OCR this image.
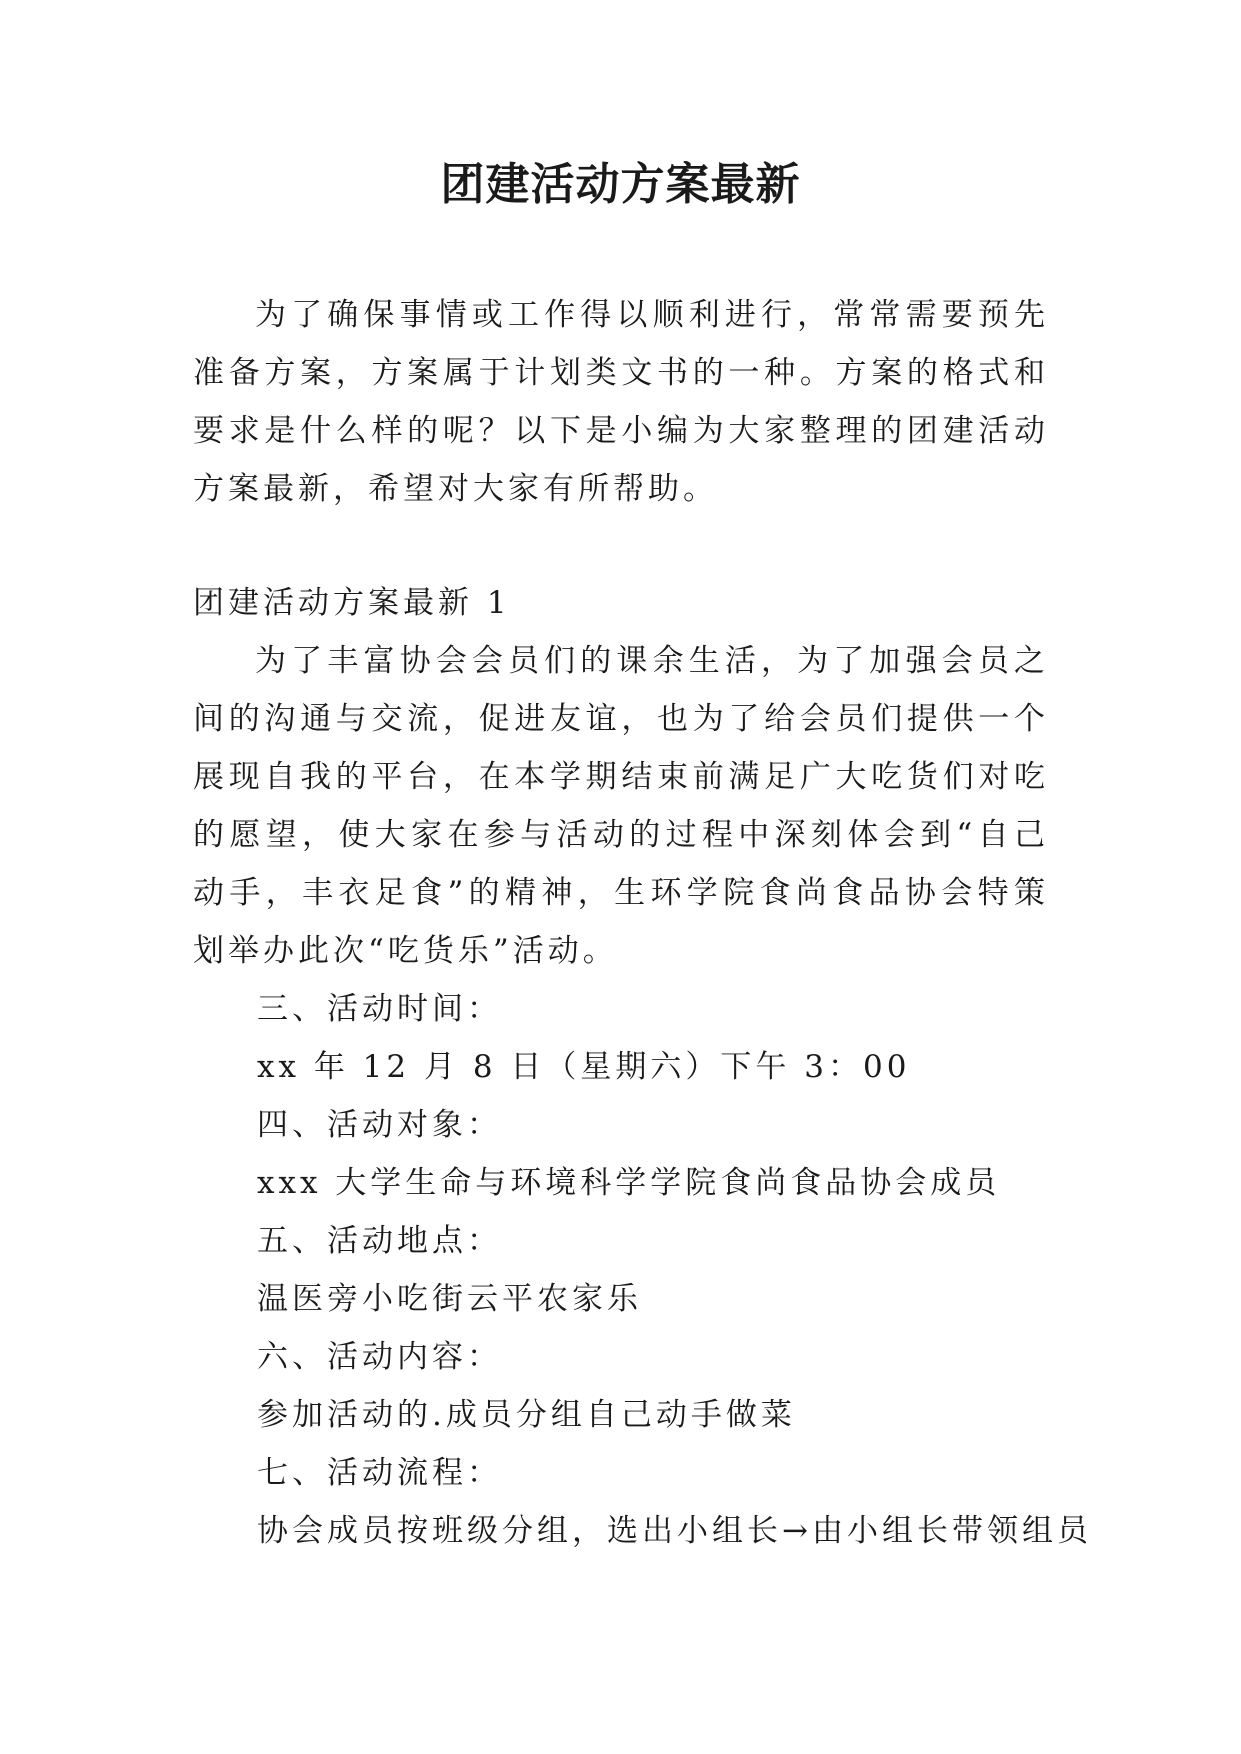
团建活动方案最新

为了确保事情或工作得以顺利进行，常常需要预先准备方案，方案属于计划类文书的一种。方案的格式和要求是什么样的呢？以下是小编为大家整理的团建活动方案最新，希望对大家有所帮助。

团建活动方案最新 1

为了丰富协会会员们的课余生活，为了加强会员之间的沟通与交流，促进友谊，也为了给会员们提供一个展现自我的平台，在本学期结束前满足广大吃货们对吃的愿望，使大家在参与活动的过程中深刻体会到“自己动手，丰衣足食”的精神，生环学院食尚食品协会特策划举办此次“吃货乐”活动。

三、活动时间：

xx 年 12 月 8 日（星期六）下午 3：00

四、活动对象：

xxx 大学生命与环境科学学院食尚食品协会成员

五、活动地点：

温医旁小吃街云平农家乐

六、活动内容：

参加活动的.成员分组自己动手做菜

七、活动流程：

协会成员按班级分组，选出小组长→由小组长带领组员
